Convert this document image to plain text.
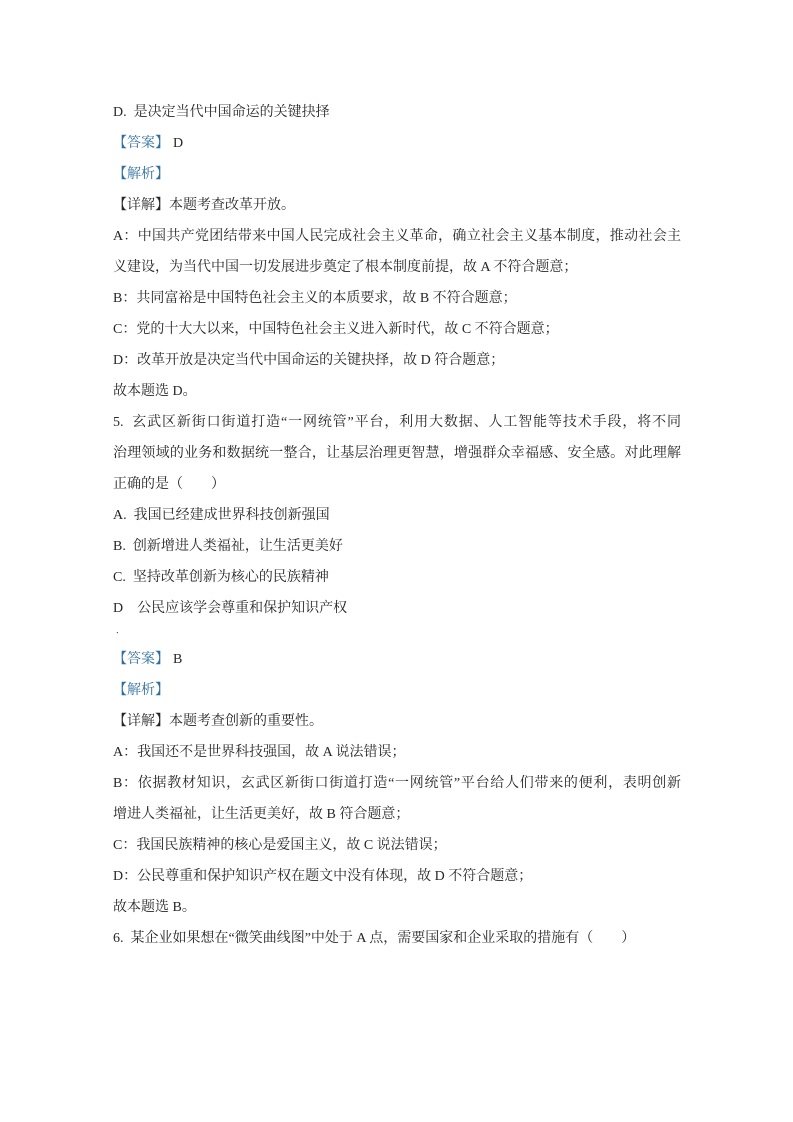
D.  是决定当代中国命运的关键抉择
【答案】 D
【解析】
【详解】本题考查改革开放。
A：中国共产党团结带来中国人民完成社会主义革命，确立社会主义基本制度，推动社会主
义建设，为当代中国一切发展进步奠定了根本制度前提，故 A 不符合题意；
B：共同富裕是中国特色社会主义的本质要求，故 B 不符合题意；
C：党的十大大以来，中国特色社会主义进入新时代，故 C 不符合题意；
D：改革开放是决定当代中国命运的关键抉择，故 D 符合题意；
故本题选 D。
5.  玄武区新街口街道打造“一网统管”平台，利用大数据、人工智能等技术手段，将不同
治理领域的业务和数据统一整合，让基层治理更智慧，增强群众幸福感、安全感。对此理解
正确的是（　　）
A.  我国已经建成世界科技创新强国
B.  创新增进人类福祉，让生活更美好
C.  坚持改革创新为核心的民族精神
D　公民应该学会尊重和保护知识产权
．
【答案】 B
【解析】
【详解】本题考查创新的重要性。
A：我国还不是世界科技强国，故 A 说法错误；
B：依据教材知识，玄武区新街口街道打造“一网统管”平台给人们带来的便利，表明创新
增进人类福祉，让生活更美好，故 B 符合题意；
C：我国民族精神的核心是爱国主义，故 C 说法错误；
D：公民尊重和保护知识产权在题文中没有体现，故 D 不符合题意；
故本题选 B。
6.  某企业如果想在“微笑曲线图”中处于 A 点，需要国家和企业采取的措施有（　　）
